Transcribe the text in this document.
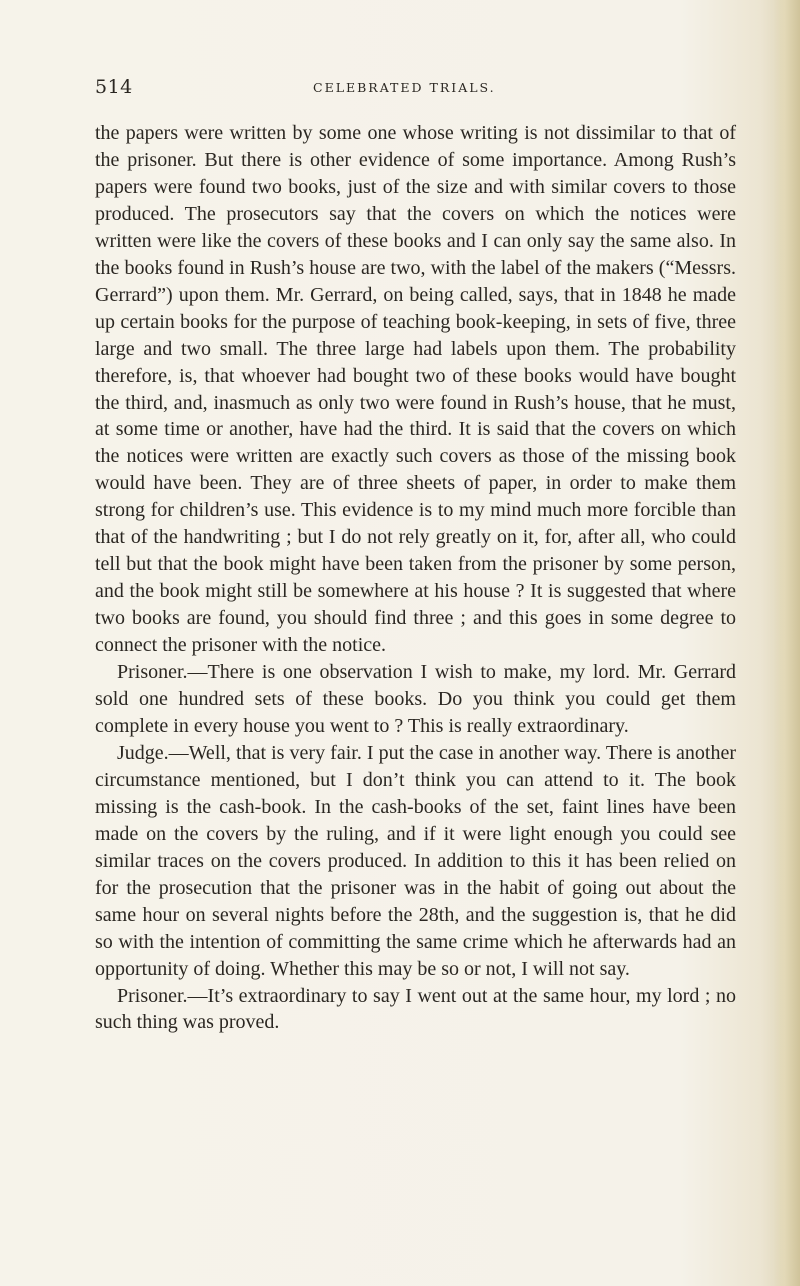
514	CELEBRATED TRIALS.

the papers were written by some one whose writing is not dissimilar to that of the prisoner. But there is other evidence of some importance. Among Rush’s papers were found two books, just of the size and with similar covers to those produced. The prosecutors say that the covers on which the notices were written were like the covers of these books and I can only say the same also. In the books found in Rush’s house are two, with the label of the makers (“Messrs. Gerrard”) upon them. Mr. Gerrard, on being called, says, that in 1848 he made up certain books for the purpose of teaching book-keeping, in sets of five, three large and two small. The three large had labels upon them. The probability therefore, is, that whoever had bought two of these books would have bought the third, and, inasmuch as only two were found in Rush’s house, that he must, at some time or another, have had the third. It is said that the covers on which the notices were written are exactly such covers as those of the missing book would have been. They are of three sheets of paper, in order to make them strong for children’s use. This evidence is to my mind much more forcible than that of the handwriting ; but I do not rely greatly on it, for, after all, who could tell but that the book might have been taken from the prisoner by some person, and the book might still be somewhere at his house ? It is suggested that where two books are found, you should find three ; and this goes in some degree to connect the prisoner with the notice.

Prisoner.—There is one observation I wish to make, my lord. Mr. Gerrard sold one hundred sets of these books. Do you think you could get them complete in every house you went to ? This is really extraordinary.

Judge.—Well, that is very fair. I put the case in another way. There is another circumstance mentioned, but I don’t think you can attend to it. The book missing is the cash-book. In the cash-books of the set, faint lines have been made on the covers by the ruling, and if it were light enough you could see similar traces on the covers produced. In addition to this it has been relied on for the prosecution that the prisoner was in the habit of going out about the same hour on several nights before the 28th, and the suggestion is, that he did so with the intention of committing the same crime which he afterwards had an opportunity of doing. Whether this may be so or not, I will not say.

Prisoner.—It’s extraordinary to say I went out at the same hour, my lord ; no such thing was proved.
